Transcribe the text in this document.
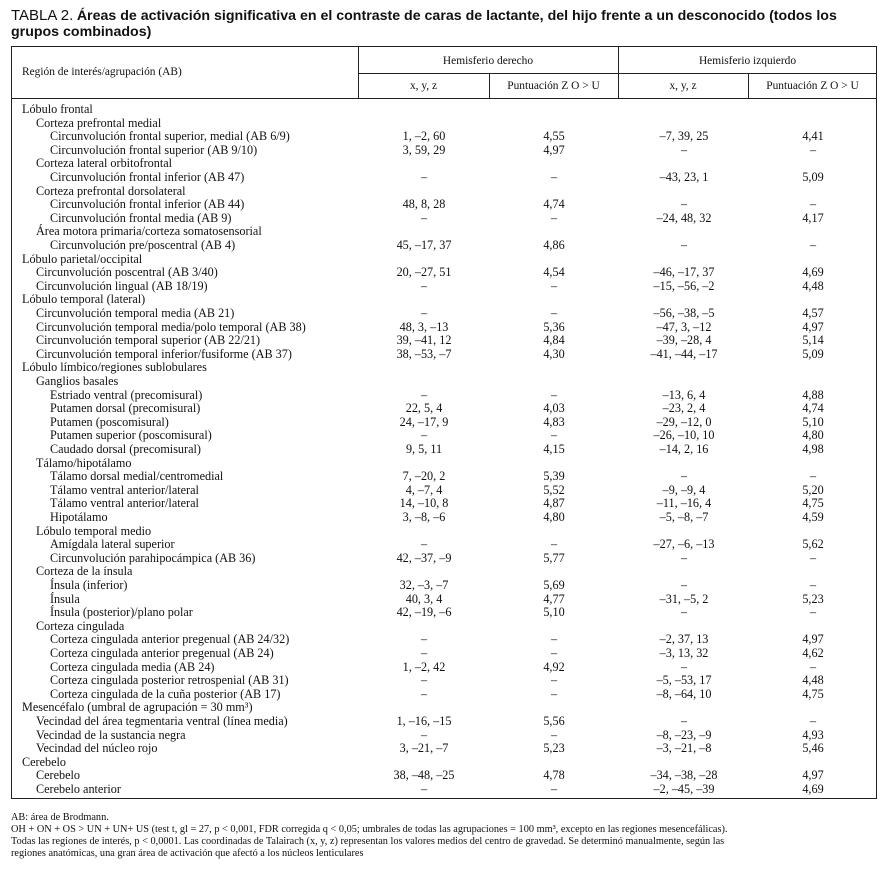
TABLA 2. Áreas de activación significativa en el contraste de caras de lactante, del hijo frente a un desconocido (todos los grupos combinados)
Región de interés/agrupación (AB)
Hemisferio derecho	Hemisferio izquierdo
x, y, z	Puntuación Z O > U	x, y, z	Puntuación Z O > U
Lóbulo frontal
Corteza prefrontal medial
Circunvolución frontal superior, medial (AB 6/9)	1, –2, 60	4,55	–7, 39, 25	4,41
Circunvolución frontal superior (AB 9/10)	3, 59, 29	4,97	–	–
Corteza lateral orbitofrontal
Circunvolución frontal inferior (AB 47)	–	–	–43, 23, 1	5,09
Corteza prefrontal dorsolateral
Circunvolución frontal inferior (AB 44)	48, 8, 28	4,74	–	–
Circunvolución frontal media (AB 9)	–	–	–24, 48, 32	4,17
Área motora primaria/corteza somatosensorial
Circunvolución pre/poscentral (AB 4)	45, –17, 37	4,86	–	–
Lóbulo parietal/occipital
Circunvolución poscentral (AB 3/40)	20, –27, 51	4,54	–46, –17, 37	4,69
Circunvolución lingual (AB 18/19)	–	–	–15, –56, –2	4,48
Lóbulo temporal (lateral)
Circunvolución temporal media (AB 21)	–	–	–56, –38, –5	4,57
Circunvolución temporal media/polo temporal (AB 38)	48, 3, –13	5,36	–47, 3, –12	4,97
Circunvolución temporal superior (AB 22/21)	39, –41, 12	4,84	–39, –28, 4	5,14
Circunvolución temporal inferior/fusiforme (AB 37)	38, –53, –7	4,30	–41, –44, –17	5,09
Lóbulo límbico/regiones sublobulares
Ganglios basales
Estriado ventral (precomisural)	–	–	–13, 6, 4	4,88
Putamen dorsal (precomisural)	22, 5, 4	4,03	–23, 2, 4	4,74
Putamen (poscomisural)	24, –17, 9	4,83	–29, –12, 0	5,10
Putamen superior (poscomisural)	–	–	–26, –10, 10	4,80
Caudado dorsal (precomisural)	9, 5, 11	4,15	–14, 2, 16	4,98
Tálamo/hipotálamo
Tálamo dorsal medial/centromedial	7, –20, 2	5,39	–	–
Tálamo ventral anterior/lateral	4, –7, 4	5,52	–9, –9, 4	5,20
Tálamo ventral anterior/lateral	14, –10, 8	4,87	–11, –16, 4	4,75
Hipotálamo	3, –8, –6	4,80	–5, –8, –7	4,59
Lóbulo temporal medio
Amígdala lateral superior	–	–	–27, –6, –13	5,62
Circunvolución parahipocámpica (AB 36)	42, –37, –9	5,77	–	–
Corteza de la ínsula
Ínsula (inferior)	32, –3, –7	5,69	–	–
Ínsula	40, 3, 4	4,77	–31, –5, 2	5,23
Ínsula (posterior)/plano polar	42, –19, –6	5,10	–	–
Corteza cingulada
Corteza cingulada anterior pregenual (AB 24/32)	–	–	–2, 37, 13	4,97
Corteza cingulada anterior pregenual (AB 24)	–	–	–3, 13, 32	4,62
Corteza cingulada media (AB 24)	1, –2, 42	4,92	–	–
Corteza cingulada posterior retrospenial (AB 31)	–	–	–5, –53, 17	4,48
Corteza cingulada de la cuña posterior (AB 17)	–	–	–8, –64, 10	4,75
Mesencéfalo (umbral de agrupación = 30 mm³)
Vecindad del área tegmentaria ventral (línea media)	1, –16, –15	5,56	–	–
Vecindad de la sustancia negra	–	–	–8, –23, –9	4,93
Vecindad del núcleo rojo	3, –21, –7	5,23	–3, –21, –8	5,46
Cerebelo
Cerebelo	38, –48, –25	4,78	–34, –38, –28	4,97
Cerebelo anterior	–	–	–2, –45, –39	4,69
AB: área de Brodmann.
OH + ON + OS > UN + UN+ US (test t, gl = 27, p < 0,001, FDR corregida q < 0,05; umbrales de todas las agrupaciones = 100 mm³, excepto en las regiones mesencefálicas).
Todas las regiones de interés, p < 0,0001. Las coordinadas de Talairach (x, y, z) representan los valores medios del centro de gravedad. Se determinó manualmente, según las
regiones anatómicas, una gran área de activación que afectó a los núcleos lenticulares
